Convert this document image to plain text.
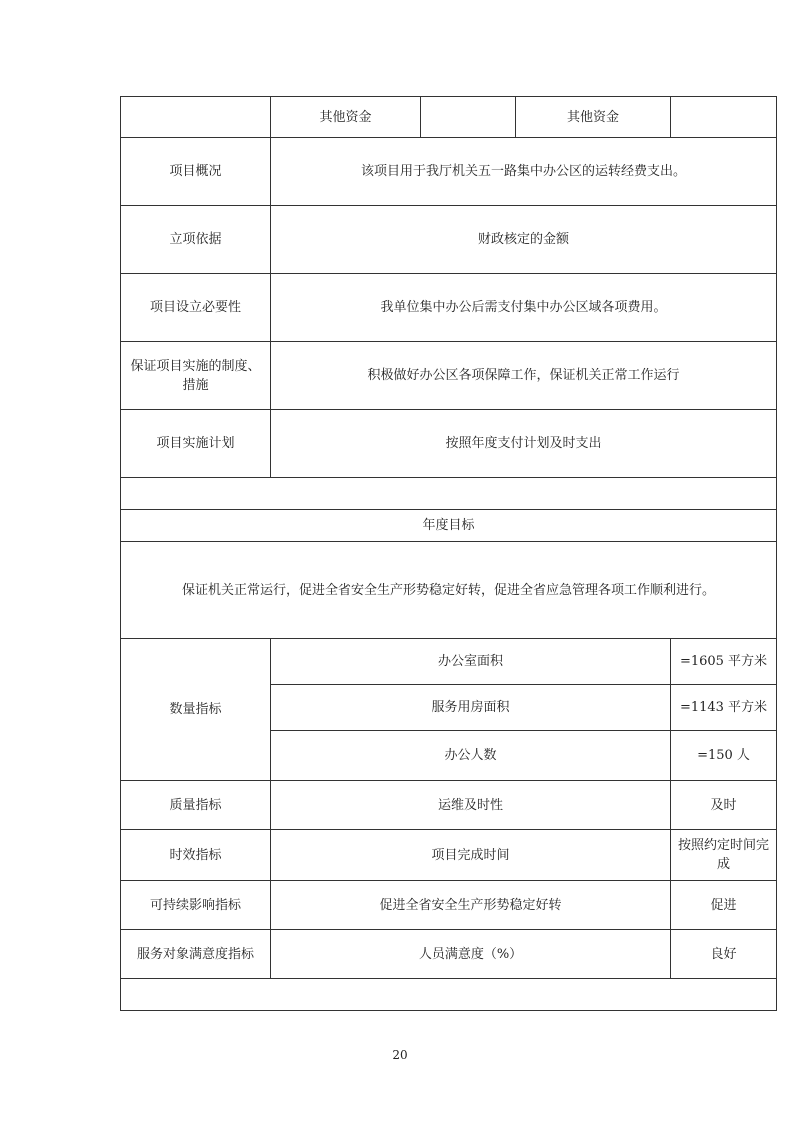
	其他资金		其他资金	
项目概况	该项目用于我厅机关五一路集中办公区的运转经费支出。			
立项依据	财政核定的金额			
项目设立必要性	我单位集中办公后需支付集中办公区域各项费用。			
保证项目实施的制度、措施	积极做好办公区各项保障工作，保证机关正常工作运行			
项目实施计划	按照年度支付计划及时支出			

年度目标				
保证机关正常运行，促进全省安全生产形势稳定好转，促进全省应急管理各项工作顺利进行。				
数量指标	办公室面积			=1605 平方米
	服务用房面积			=1143 平方米
	办公人数			=150 人
质量指标	运维及时性			及时
时效指标	项目完成时间			按照约定时间完成
可持续影响指标	促进全省安全生产形势稳定好转			促进
服务对象满意度指标	人员满意度（%）			良好

20
